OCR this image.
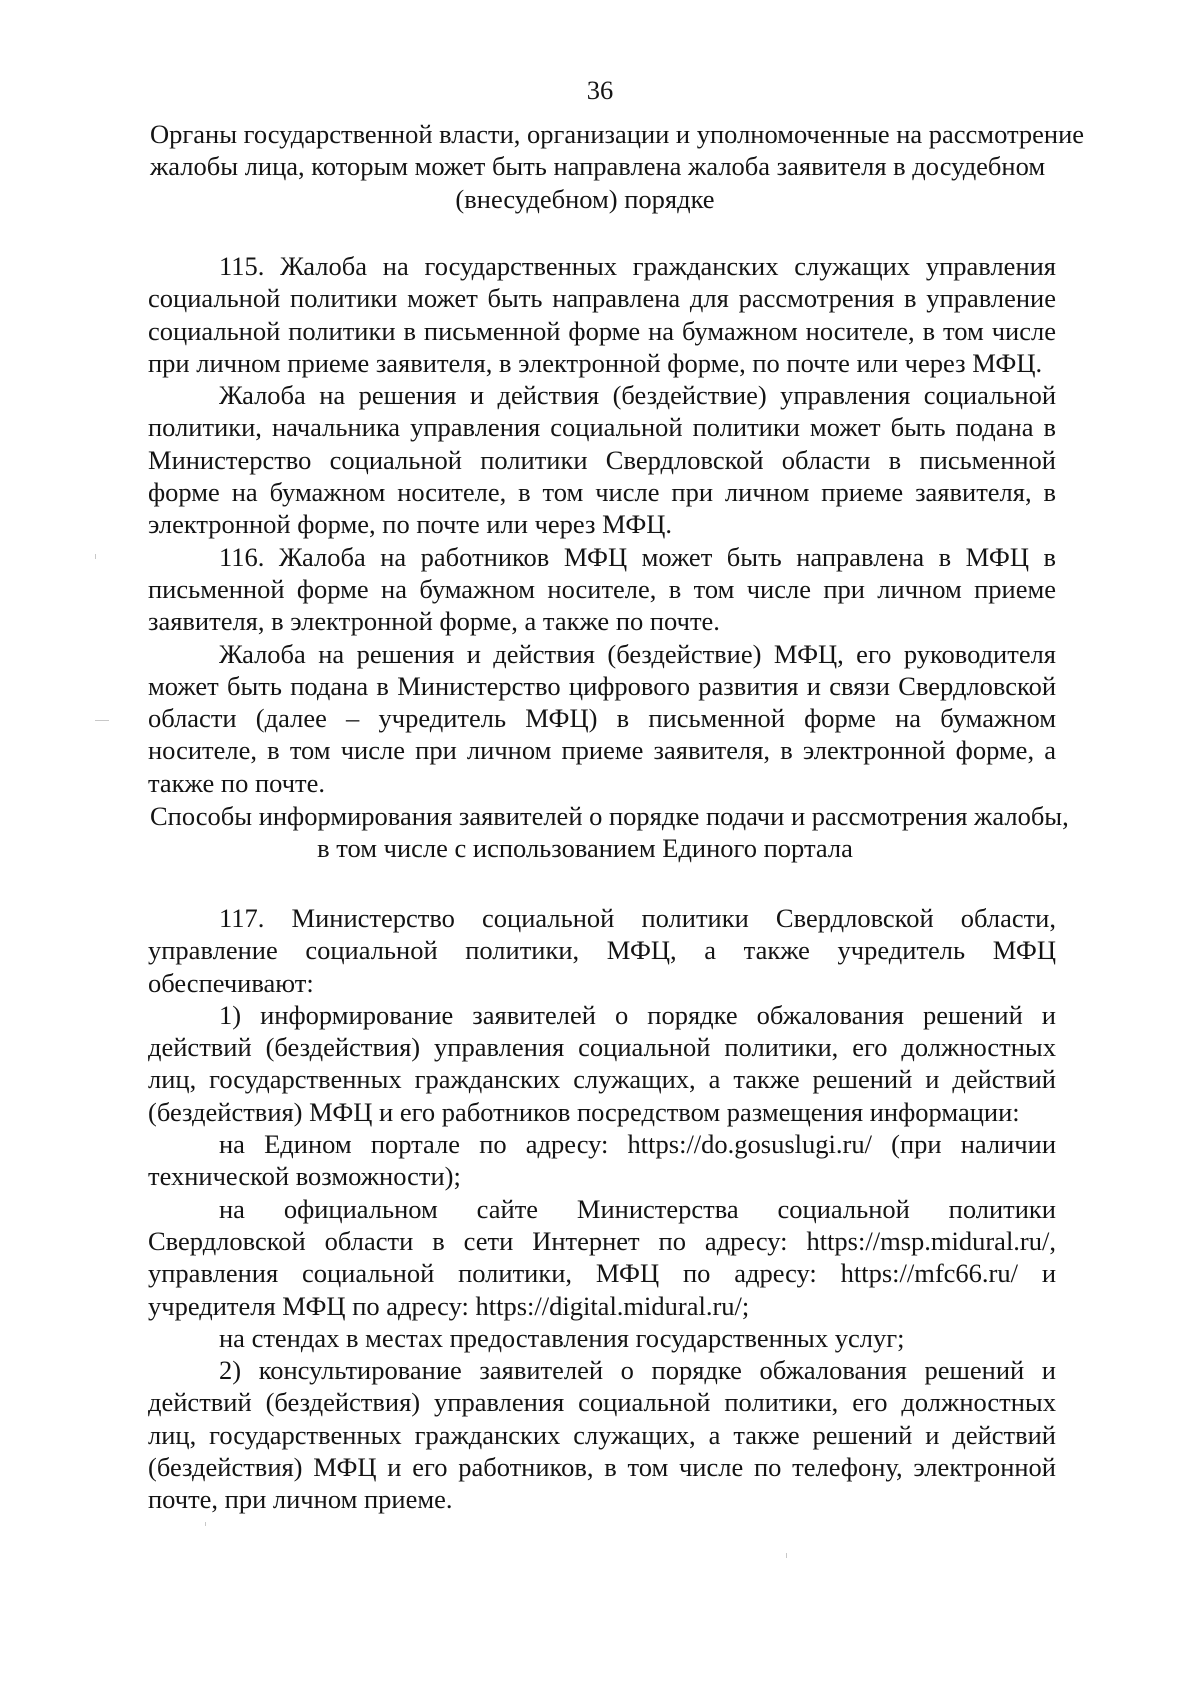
36
Органы государственной власти, организации и уполномоченные на рассмотрение
жалобы лица, которым может быть направлена жалоба заявителя в досудебном
(внесудебном) порядке

115. Жалоба на государственных гражданских служащих управления социальной политики может быть направлена для рассмотрения в управление социальной политики в письменной форме на бумажном носителе, в том числе при личном приеме заявителя, в электронной форме, по почте или через МФЦ.

Жалоба на решения и действия (бездействие) управления социальной политики, начальника управления социальной политики может быть подана в Министерство социальной политики Свердловской области в письменной форме на бумажном носителе, в том числе при личном приеме заявителя, в электронной форме, по почте или через МФЦ.

116. Жалоба на работников МФЦ может быть направлена в МФЦ в письменной форме на бумажном носителе, в том числе при личном приеме заявителя, в электронной форме, а также по почте.

Жалоба на решения и действия (бездействие) МФЦ, его руководителя может быть подана в Министерство цифрового развития и связи Свердловской области (далее – учредитель МФЦ) в письменной форме на бумажном носителе, в том числе при личном приеме заявителя, в электронной форме, а также по почте.

Способы информирования заявителей о порядке подачи и рассмотрения жалобы,
в том числе с использованием Единого портала

117. Министерство социальной политики Свердловской области, управление социальной политики, МФЦ, а также учредитель МФЦ обеспечивают:

1) информирование заявителей о порядке обжалования решений и действий (бездействия) управления социальной политики, его должностных лиц, государственных гражданских служащих, а также решений и действий (бездействия) МФЦ и его работников посредством размещения информации:

на Едином портале по адресу: https://do.gosuslugi.ru/ (при наличии технической возможности);

на официальном сайте Министерства социальной политики Свердловской области в сети Интернет по адресу: https://msp.midural.ru/, управления социальной политики, МФЦ по адресу: https://mfc66.ru/ и учредителя МФЦ по адресу: https://digital.midural.ru/;

на стендах в местах предоставления государственных услуг;

2) консультирование заявителей о порядке обжалования решений и действий (бездействия) управления социальной политики, его должностных лиц, государственных гражданских служащих, а также решений и действий (бездействия) МФЦ и его работников, в том числе по телефону, электронной почте, при личном приеме.
